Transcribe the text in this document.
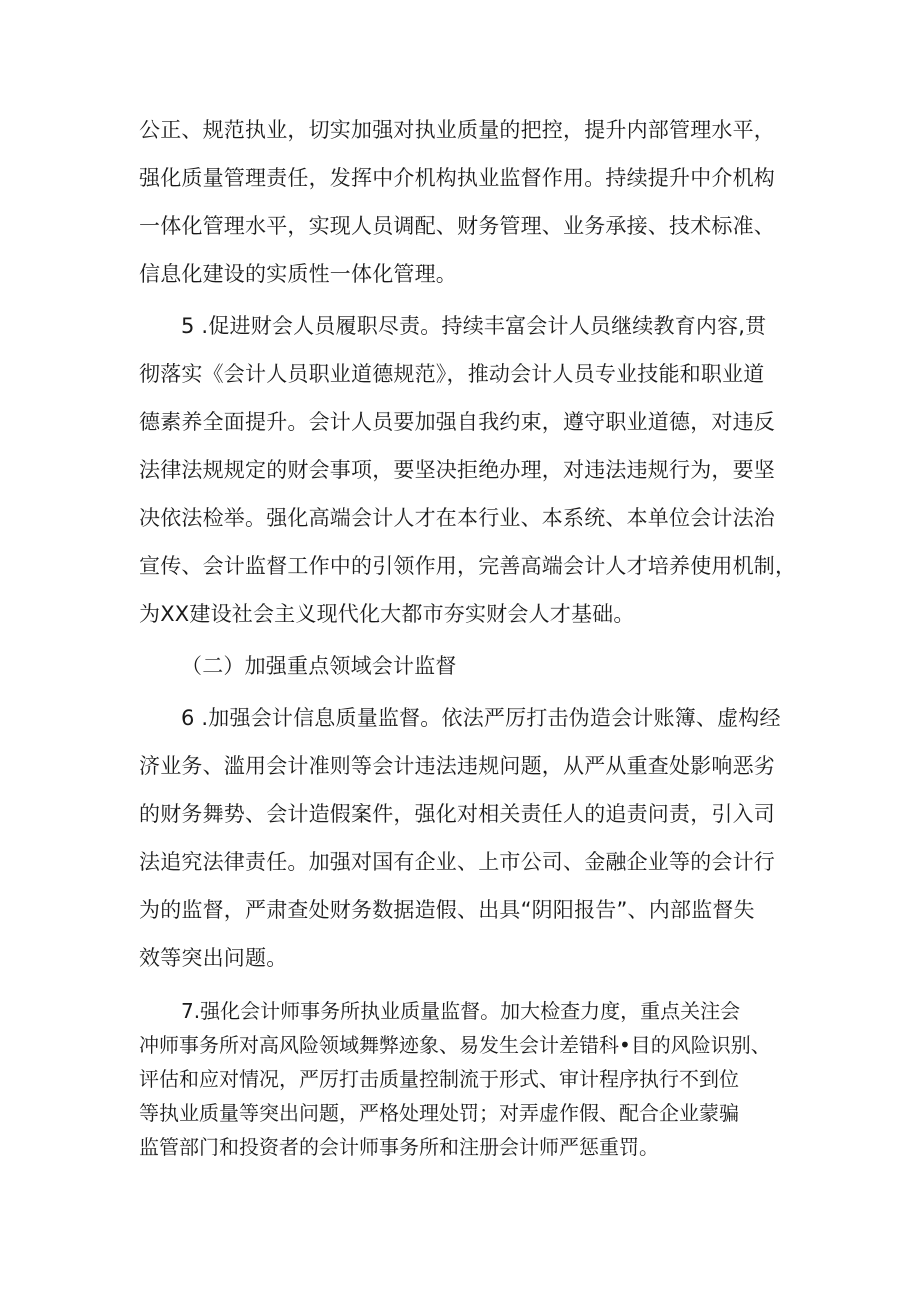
公正、规范执业，切实加强对执业质量的把控，提升内部管理水平，

强化质量管理责任，发挥中介机构执业监督作用。持续提升中介机构

一体化管理水平，实现人员调配、财务管理、业务承接、技术标准、

信息化建设的实质性一体化管理。

5 .促进财会人员履职尽责。持续丰富会计人员继续教育内容,贯

彻落实《会计人员职业道德规范》，推动会计人员专业技能和职业道

德素养全面提升。会计人员要加强自我约束，遵守职业道德，对违反

法律法规规定的财会事项，要坚决拒绝办理，对违法违规行为，要坚

决依法检举。强化高端会计人才在本行业、本系统、本单位会计法治

宣传、会计监督工作中的引领作用，完善高端会计人才培养使用机制，

为XX建设社会主义现代化大都市夯实财会人才基础。

（二）加强重点领域会计监督

6 .加强会计信息质量监督。依法严厉打击伪造会计账簿、虚构经

济业务、滥用会计准则等会计违法违规问题，从严从重查处影响恶劣

的财务舞势、会计造假案件，强化对相关责任人的追责问责，引入司

法追究法律责任。加强对国有企业、上市公司、金融企业等的会计行

为的监督，严肃查处财务数据造假、出具“阴阳报告”、内部监督失

效等突出问题。

7.强化会计师事务所执业质量监督。加大检查力度，重点关注会

冲师事务所对高风险领域舞弊迹象、易发生会计差错科•目的风险识别、

评估和应对情况，严厉打击质量控制流于形式、审计程序执行不到位

等执业质量等突出问题，严格处理处罚；对弄虚作假、配合企业蒙骗

监管部门和投资者的会计师事务所和注册会计师严惩重罚。
